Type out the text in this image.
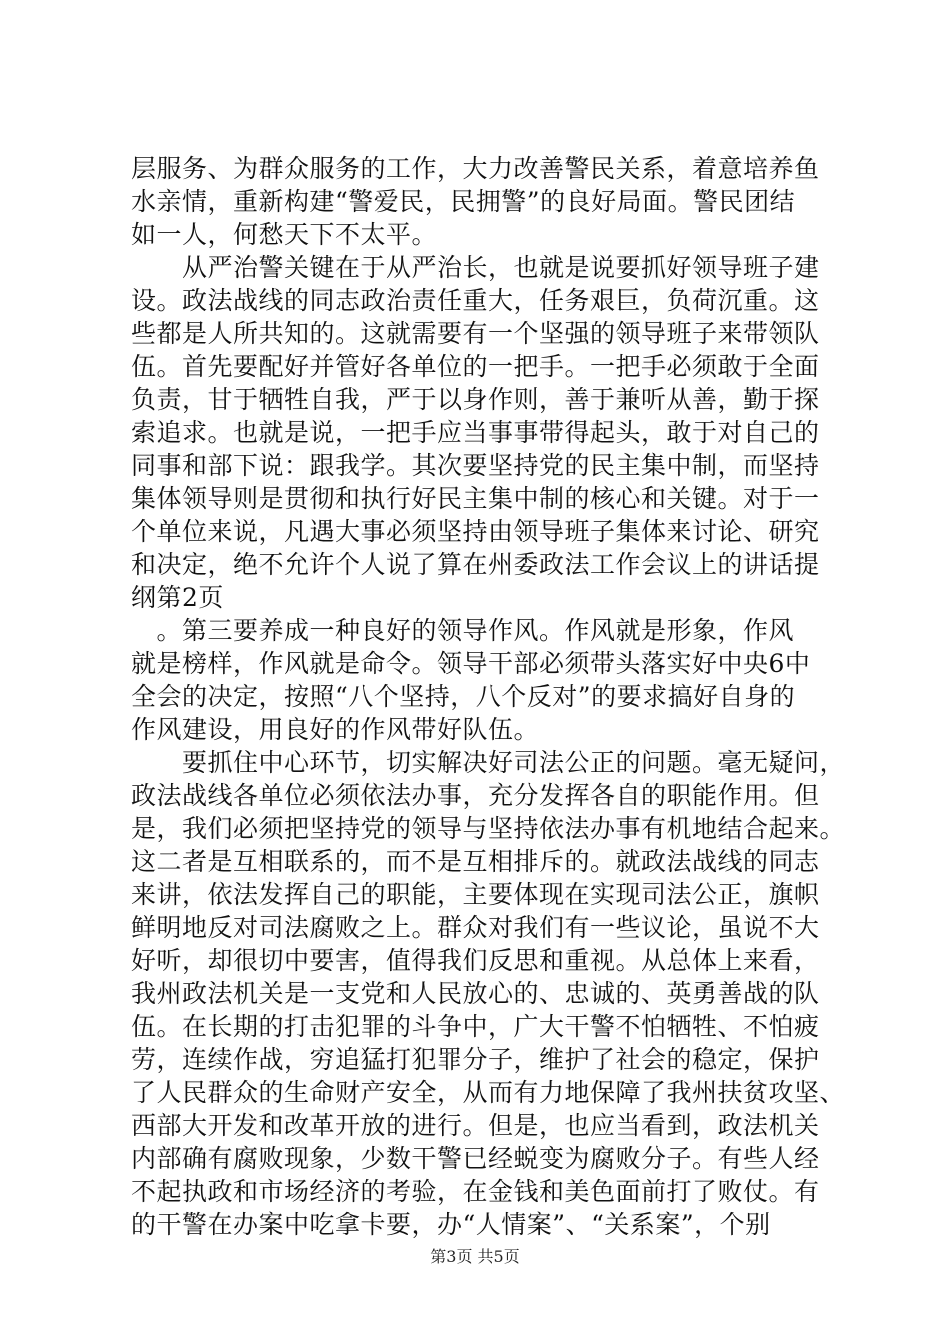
层服务、为群众服务的工作，大力改善警民关系，着意培养鱼
水亲情，重新构建“警爱民，民拥警”的良好局面。警民团结
如一人，何愁天下不太平。
　　从严治警关键在于从严治长，也就是说要抓好领导班子建
设。政法战线的同志政治责任重大，任务艰巨，负荷沉重。这
些都是人所共知的。这就需要有一个坚强的领导班子来带领队
伍。首先要配好并管好各单位的一把手。一把手必须敢于全面
负责，甘于牺牲自我，严于以身作则，善于兼听从善，勤于探
索追求。也就是说，一把手应当事事带得起头，敢于对自己的
同事和部下说：跟我学。其次要坚持党的民主集中制，而坚持
集体领导则是贯彻和执行好民主集中制的核心和关键。对于一
个单位来说，凡遇大事必须坚持由领导班子集体来讨论、研究
和决定，绝不允许个人说了算在州委政法工作会议上的讲话提
纲第2页
　。第三要养成一种良好的领导作风。作风就是形象，作风
就是榜样，作风就是命令。领导干部必须带头落实好中央6中
全会的决定，按照“八个坚持，八个反对”的要求搞好自身的
作风建设，用良好的作风带好队伍。
　　要抓住中心环节，切实解决好司法公正的问题。毫无疑问，
政法战线各单位必须依法办事，充分发挥各自的职能作用。但
是，我们必须把坚持党的领导与坚持依法办事有机地结合起来。
这二者是互相联系的，而不是互相排斥的。就政法战线的同志
来讲，依法发挥自己的职能，主要体现在实现司法公正，旗帜
鲜明地反对司法腐败之上。群众对我们有一些议论，虽说不大
好听，却很切中要害，值得我们反思和重视。从总体上来看，
我州政法机关是一支党和人民放心的、忠诚的、英勇善战的队
伍。在长期的打击犯罪的斗争中，广大干警不怕牺牲、不怕疲
劳，连续作战，穷追猛打犯罪分子，维护了社会的稳定，保护
了人民群众的生命财产安全，从而有力地保障了我州扶贫攻坚、
西部大开发和改革开放的进行。但是，也应当看到，政法机关
内部确有腐败现象，少数干警已经蜕变为腐败分子。有些人经
不起执政和市场经济的考验，在金钱和美色面前打了败仗。有
的干警在办案中吃拿卡要，办“人情案”、“关系案”，个别
第3页 共5页
